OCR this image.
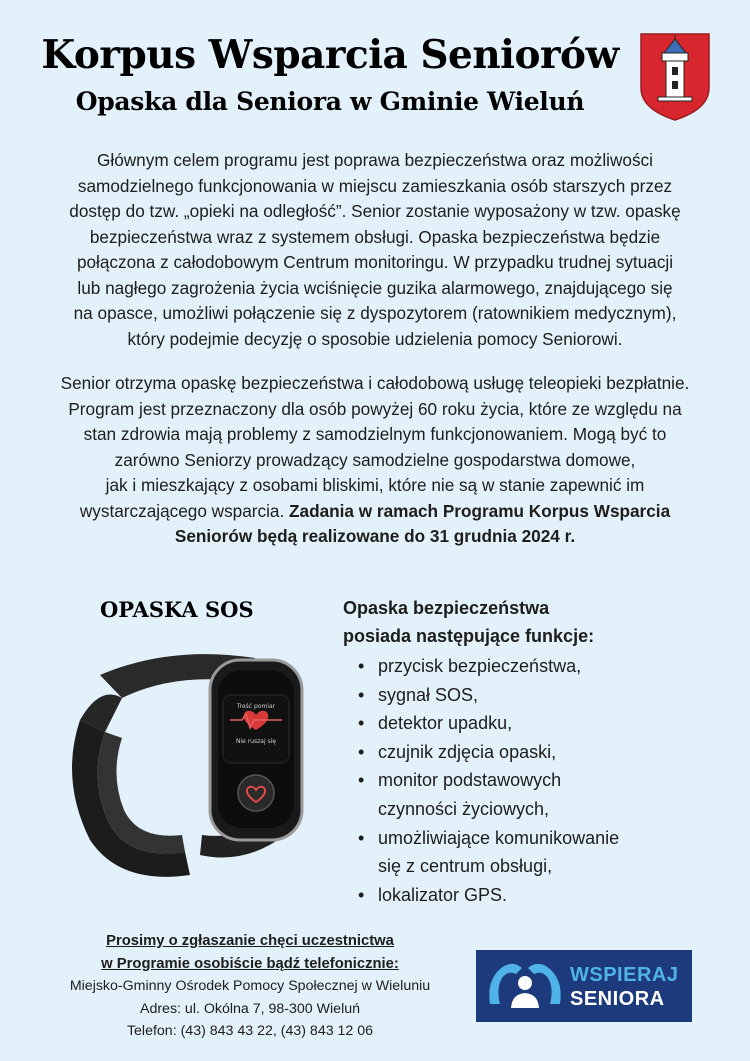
Korpus Wsparcia Seniorów
Opaska dla Seniora w Gminie Wieluń
Głównym celem programu jest poprawa bezpieczeństwa oraz możliwości
samodzielnego funkcjonowania w miejscu zamieszkania osób starszych przez
dostęp do tzw. „opieki na odległość”. Senior zostanie wyposażony w tzw. opaskę
bezpieczeństwa wraz z systemem obsługi. Opaska bezpieczeństwa będzie
połączona z całodobowym Centrum monitoringu. W przypadku trudnej sytuacji
lub nagłego zagrożenia życia wciśnięcie guzika alarmowego, znajdującego się
na opasce, umożliwi połączenie się z dyspozytorem (ratownikiem medycznym),
który podejmie decyzję o sposobie udzielenia pomocy Seniorowi.
Senior otrzyma opaskę bezpieczeństwa i całodobową usługę teleopieki bezpłatnie.
Program jest przeznaczony dla osób powyżej 60 roku życia, które ze względu na
stan zdrowia mają problemy z samodzielnym funkcjonowaniem. Mogą być to
zarówno Seniorzy prowadzący samodzielne gospodarstwa domowe,
jak i mieszkający z osobami bliskimi, które nie są w stanie zapewnić im
wystarczającego wsparcia. Zadania w ramach Programu Korpus Wsparcia
Seniorów będą realizowane do 31 grudnia 2024 r.
OPASKA SOS
Treść pomiar
Nie ruszaj się
Opaska bezpieczeństwa
posiada następujące funkcje:
• przycisk bezpieczeństwa,
• sygnał SOS,
• detektor upadku,
• czujnik zdjęcia opaski,
• monitor podstawowych
czynności życiowych,
• umożliwiające komunikowanie
się z centrum obsługi,
• lokalizator GPS.
Prosimy o zgłaszanie chęci uczestnictwa
w Programie osobiście bądź telefonicznie:
Miejsko-Gminny Ośrodek Pomocy Społecznej w Wieluniu
Adres: ul. Okólna 7, 98-300 Wieluń
Telefon: (43) 843 43 22, (43) 843 12 06
WSPIERAJ
SENIORA
